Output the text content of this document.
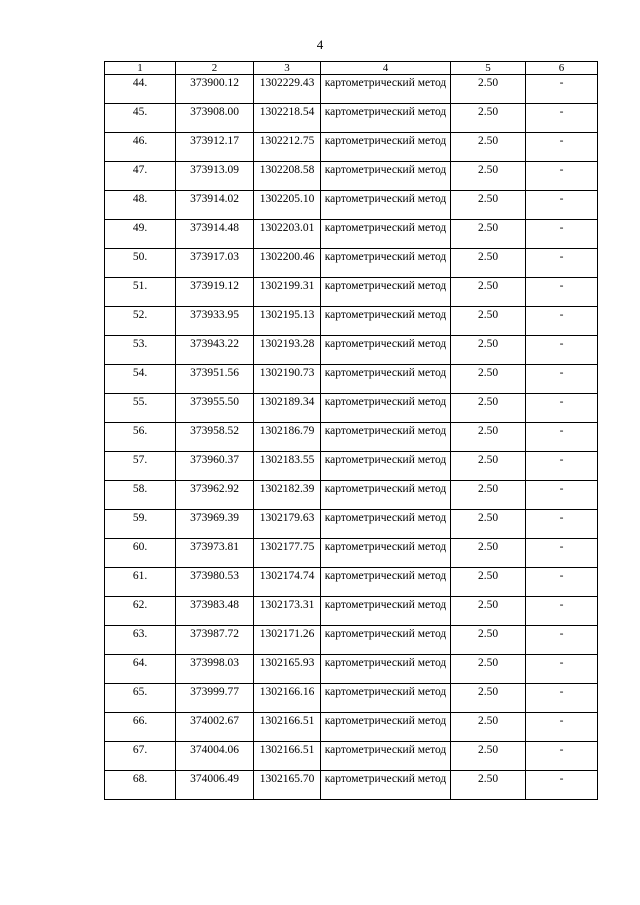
4
1	2	3	4	5	6
44.	373900.12	1302229.43	картометрический метод	2.50	-
45.	373908.00	1302218.54	картометрический метод	2.50	-
46.	373912.17	1302212.75	картометрический метод	2.50	-
47.	373913.09	1302208.58	картометрический метод	2.50	-
48.	373914.02	1302205.10	картометрический метод	2.50	-
49.	373914.48	1302203.01	картометрический метод	2.50	-
50.	373917.03	1302200.46	картометрический метод	2.50	-
51.	373919.12	1302199.31	картометрический метод	2.50	-
52.	373933.95	1302195.13	картометрический метод	2.50	-
53.	373943.22	1302193.28	картометрический метод	2.50	-
54.	373951.56	1302190.73	картометрический метод	2.50	-
55.	373955.50	1302189.34	картометрический метод	2.50	-
56.	373958.52	1302186.79	картометрический метод	2.50	-
57.	373960.37	1302183.55	картометрический метод	2.50	-
58.	373962.92	1302182.39	картометрический метод	2.50	-
59.	373969.39	1302179.63	картометрический метод	2.50	-
60.	373973.81	1302177.75	картометрический метод	2.50	-
61.	373980.53	1302174.74	картометрический метод	2.50	-
62.	373983.48	1302173.31	картометрический метод	2.50	-
63.	373987.72	1302171.26	картометрический метод	2.50	-
64.	373998.03	1302165.93	картометрический метод	2.50	-
65.	373999.77	1302166.16	картометрический метод	2.50	-
66.	374002.67	1302166.51	картометрический метод	2.50	-
67.	374004.06	1302166.51	картометрический метод	2.50	-
68.	374006.49	1302165.70	картометрический метод	2.50	-
